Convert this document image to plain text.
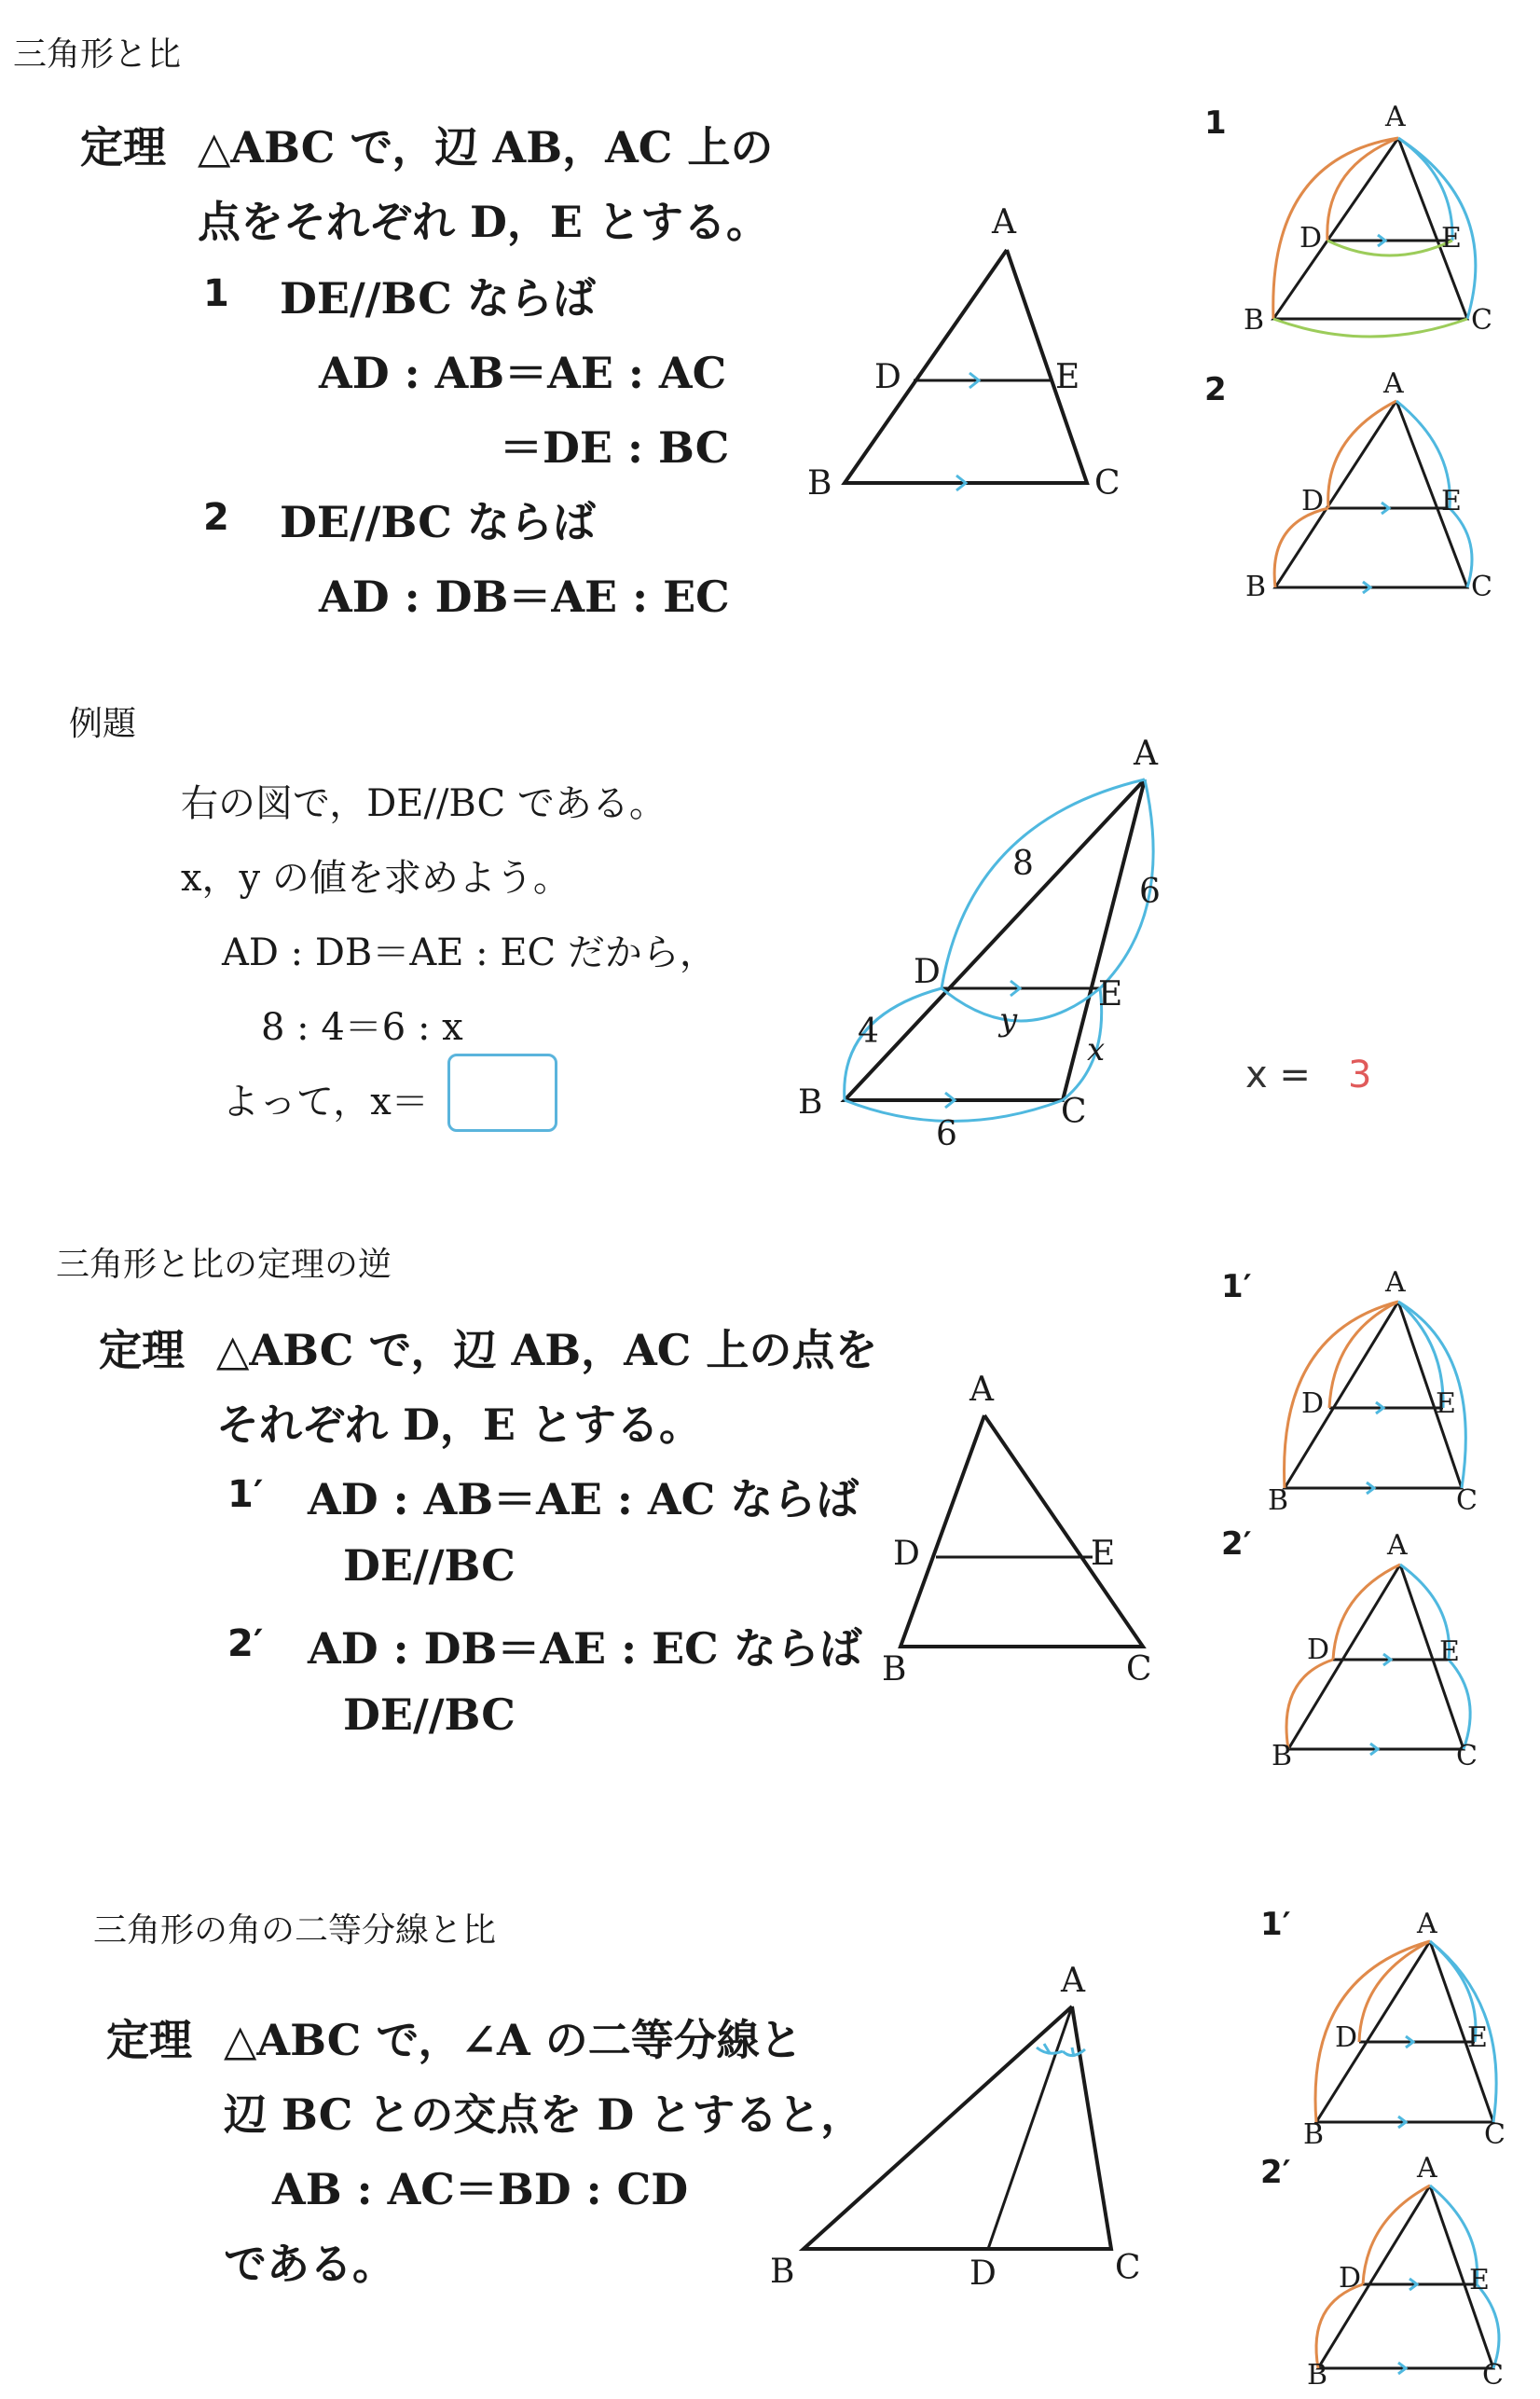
三角形と比
定理 △ABC で，辺 AB，AC 上の
点をそれぞれ D，E とする。
1 DE//BC ならば
AD : AB＝AE : AC
＝DE : BC
2 DE//BC ならば
AD : DB＝AE : EC
A
D	E
B	C
1	A
D	E
B	C
2	A
D	E
B	C
例題
右の図で，DE//BC である。
x，y の値を求めよう。
AD : DB＝AE : EC だから，
8 : 4＝6 : x
よって，x＝
A
D
E
B	C
8
6
4	x
6
y
x = 3
三角形と比の定理の逆
定理 △ABC で，辺 AB，AC 上の点を
それぞれ D，E とする。
1′ AD : AB＝AE : AC ならば
DE//BC
2′ AD : DB＝AE : EC ならば
DE//BC
A
D	E
B	C
1′	A
D	E
B	C
2′	A
D	E
B	C
三角形の角の二等分線と比
定理 △ABC で，∠A の二等分線と
辺 BC との交点を D とすると，
AB : AC＝BD : CD
である。
A
B	D	C
1′	A
D	E
B	C
2′	A
D	E
B	C
